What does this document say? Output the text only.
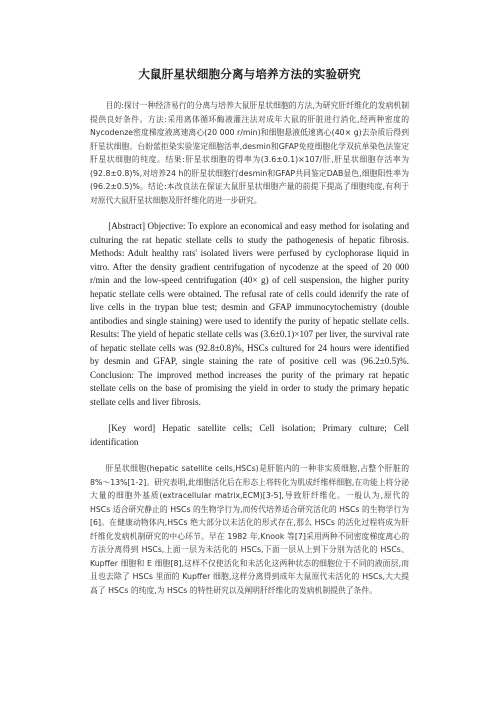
大鼠肝星状细胞分离与培养方法的实验研究

目的:探讨一种经济易行的分离与培养大鼠肝星状细胞的方法,为研究肝纤维化的发病机制提供良好条件。方法:采用离体循环酶液灌注法对成年大鼠的肝脏进行消化,经两种密度的Nycodenze密度梯度液离速离心(20 000 r/min)和细胞悬液低速离心(40× g)去杂质后得到肝星状细胞。台盼蓝拒染实验鉴定细胞活率,desmin和GFAP免疫细胞化学双抗单染色法鉴定肝星状细胞的纯度。结果:肝星状细胞的得率为(3.6±0.1)×107/肝,肝星状细胞存活率为(92.8±0.8)%,对培养24 h的肝星状细胞行desmin和GFAP共同鉴定DAB显色,细胞阳性率为(96.2±0.5)%。结论:本改良法在保证大鼠肝星状细胞产量的前提下提高了细胞纯度,有利于对原代大鼠肝星状细胞及肝纤维化的进一步研究。

[Abstract] Objective: To explore an economical and easy method for isolating and culturing the rat hepatic stellate cells to study the pathogenesis of hepatic fibrosis. Methods: Adult healthy rats' isolated livers were perfused by cyclophorase liquid in vitro. After the density gradient centrifugation of nycodenze at the speed of 20 000 r/min and the low-speed centrifugation (40× g) of cell suspension, the higher purity hepatic stellate cells were obtained. The refusal rate of cells could idenrify the rate of live cells in the trypan blue test; desmin and GFAP immunocytochemistry (double antibodies and single staining) were used to identify the purity of hepatic stellate cells. Results: The yield of hepatic stellate cells was (3.6±0.1)×107 per liver, the survival rate of hepatic stellate cells was (92.8±0.8)%, HSCs cultured for 24 hours were identified by desmin and GFAP, single staining the rate of positive cell was (96.2±0.5)%. Conclusion: The improved method increases the purity of the primary rat hepatic stellate cells on the base of promising the yield in order to study the primary hepatic stellate cells and liver fibrosis.

[Key word] Hepatic satellite cells; Cell isolation; Primary culture; Cell identification

肝星状细胞(hepatic satellite cells,HSCs)是肝脏内的一种非实质细胞,占整个肝脏的 8%～13%[1-2]。研究表明,此细胞活化后在形态上将转化为肌成纤维样细胞,在功能上将分泌大量的细胞外基质(extracellular matrix,ECM)[3-5],导致肝纤维化。一般认为,原代的 HSCs 适合研究静止的 HSCs 的生物学行为,而传代培养适合研究活化的 HSCs 的生物学行为[6]。在健康动物体内,HSCs 绝大部分以未活化的形式存在,那么 HSCs 的活化过程将成为肝纤维化发病机制研究的中心环节。早在 1982 年,Knook 等[7]采用两种不同密度梯度离心的方法分离得到 HSCs,上面一层为未活化的 HSCs,下面一层从上到下分别为活化的 HSCs、Kupffer 细胞和 E 细胞[8],这样不仅使活化和未活化这两种状态的细胞位于不同的液面层,而且也去除了 HSCs 里面的 Kupffer 细胞,这样分离得到成年大鼠原代未活化的 HSCs,大大提高了 HSCs 的纯度,为 HSCs 的特性研究以及阐明肝纤维化的发病机制提供了条件。
